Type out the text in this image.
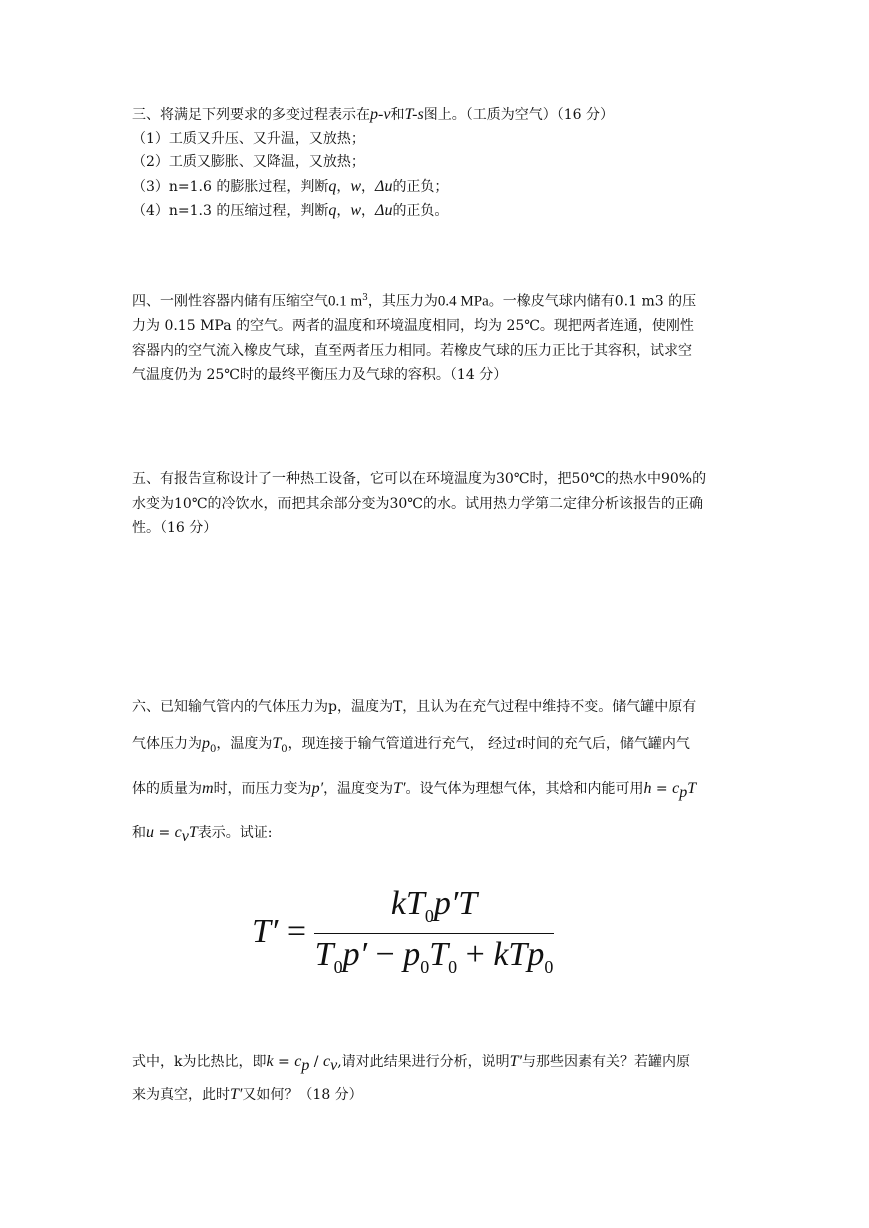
三、将满足下列要求的多变过程表示在p-v和T-s图上。（工质为空气）（16 分）
（1）工质又升压、又升温，又放热；
（2）工质又膨胀、又降温，又放热；
（3）n=1.6 的膨胀过程，判断q，w，Δu的正负；
（4）n=1.3 的压缩过程，判断q，w，Δu的正负。
四、一刚性容器内储有压缩空气0.1 $m^3$，其压力为0.4 MPa。一橡皮气球内储有0.1 m3 的压
力为 0.15 MPa 的空气。两者的温度和环境温度相同，均为 25℃。现把两者连通，使刚性
容器内的空气流入橡皮气球，直至两者压力相同。若橡皮气球的压力正比于其容积，试求空
气温度仍为 25℃时的最终平衡压力及气球的容积。（14 分）
五、有报告宣称设计了一种热工设备，它可以在环境温度为30℃时，把50℃的热水中90%的
水变为10℃的冷饮水，而把其余部分变为30℃的水。试用热力学第二定律分析该报告的正确
性。（16 分）
六、已知输气管内的气体压力为p，温度为T，且认为在充气过程中维持不变。储气罐中原有
气体压力为$p_0$，温度为$T_0$，现连接于输气管道进行充气， 经过τ时间的充气后，储气罐内气
体的质量为m时，而压力变为p′，温度变为T′。设气体为理想气体，其焓和内能可用$h = c_pT$
和$u = c_vT$表示。试证:
T′ =
$kT_0p'T$
$T_0p' - p_0T_0 + kTp_0$
式中，k为比热比，即$k = c_p / c_v$,请对此结果进行分析，说明T′与那些因素有关？若罐内原
来为真空，此时T′又如何？（18 分）
